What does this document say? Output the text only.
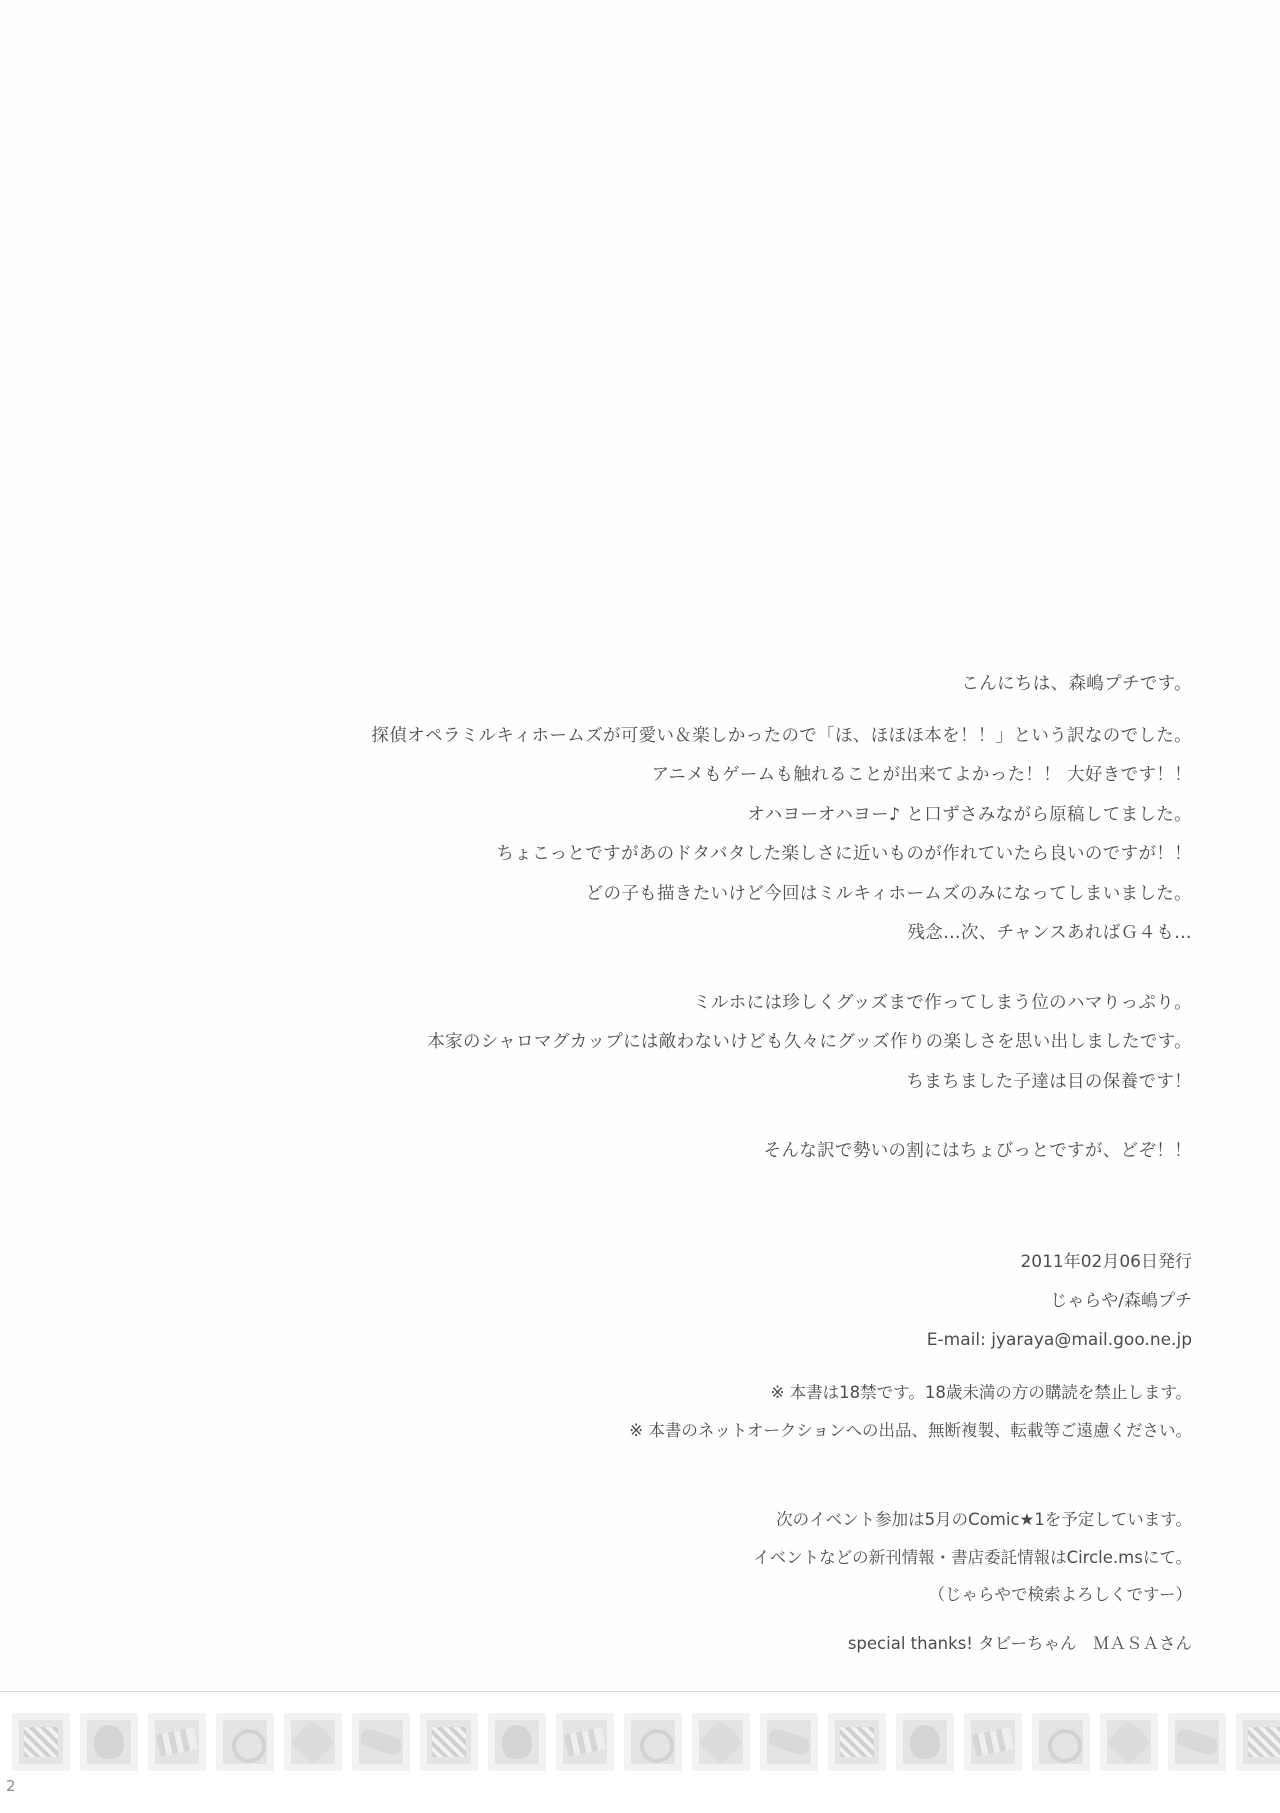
こんにちは、森嶋プチです。
探偵オペラミルキィホームズが可愛い＆楽しかったので「ほ、ほほほ本を！！」という訳なのでした。
アニメもゲームも触れることが出来てよかった！！ 大好きです！！
オハヨーオハヨー♪ と口ずさみながら原稿してました。
ちょこっとですがあのドタバタした楽しさに近いものが作れていたら良いのですが！！
どの子も描きたいけど今回はミルキィホームズのみになってしまいました。
残念…次、チャンスあればＧ４も…
ミルホには珍しくグッズまで作ってしまう位のハマりっぷり。
本家のシャロマグカップには敵わないけども久々にグッズ作りの楽しさを思い出しましたです。
ちまちました子達は目の保養です！
そんな訳で勢いの割にはちょびっとですが、どぞ！！
2011年02月06日発行
じゃらや/森嶋プチ
E-mail: jyaraya@mail.goo.ne.jp
※ 本書は18禁です。18歳未満の方の購読を禁止します。
※ 本書のネットオークションへの出品、無断複製、転載等ご遠慮ください。
次のイベント参加は5月のComic★1を予定しています。
イベントなどの新刊情報・書店委託情報はCircle.msにて。
（じゃらやで検索よろしくですー）
special thanks! タビーちゃん　ＭＡＳＡさん
2
